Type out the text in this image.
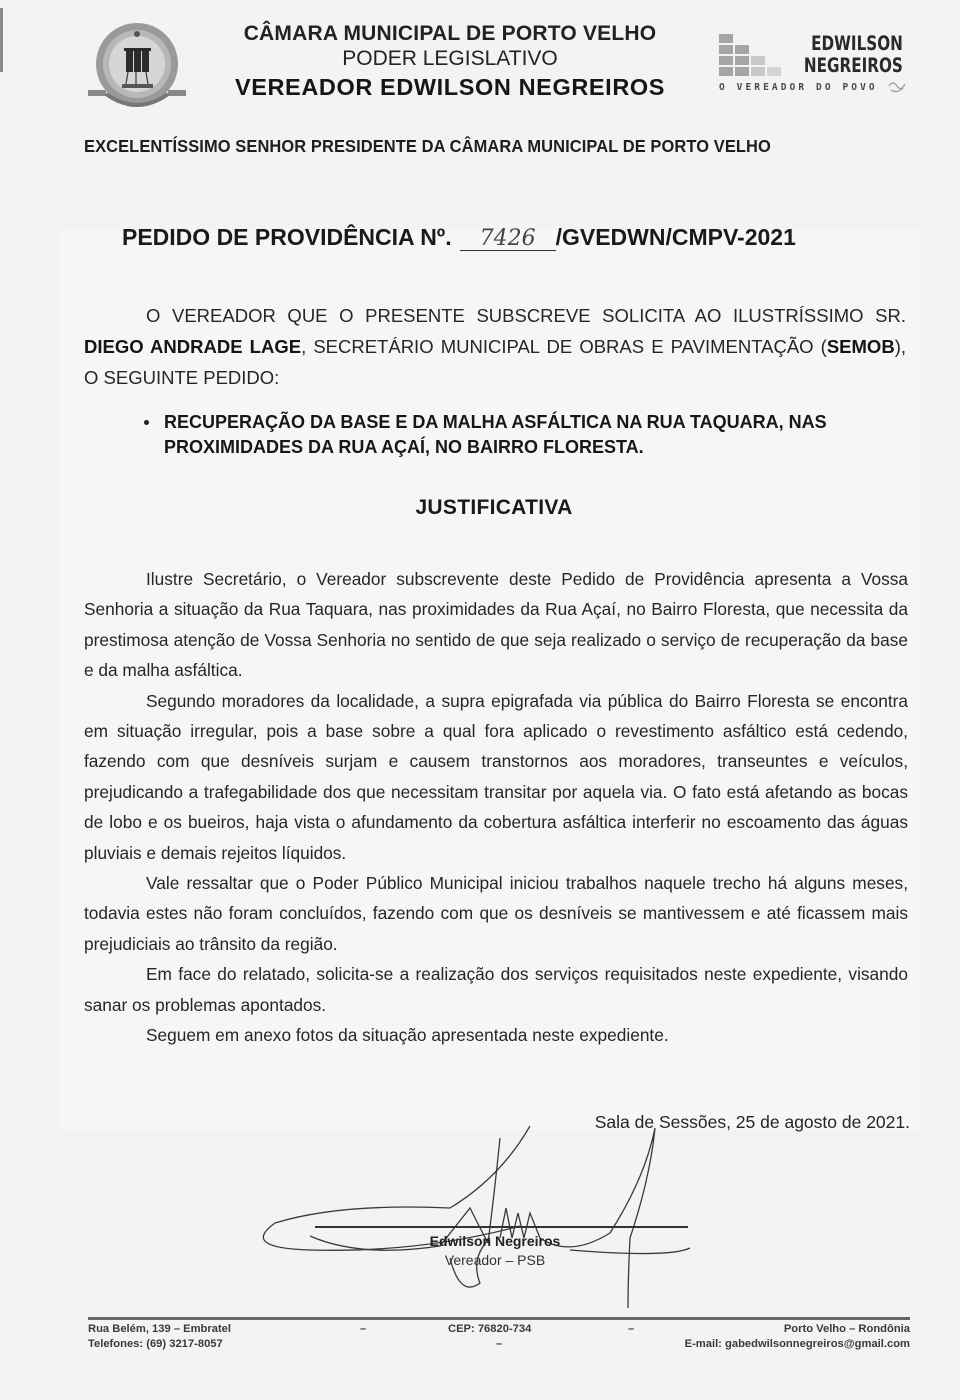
CÂMARA MUNICIPAL DE PORTO VELHO
PODER LEGISLATIVO
VEREADOR EDWILSON NEGREIROS
EDWILSON
NEGREIROS
O VEREADOR DO POVO
EXCELENTÍSSIMO SENHOR PRESIDENTE DA CÂMARA MUNICIPAL DE PORTO VELHO
PEDIDO DE PROVIDÊNCIA Nº. 7426 /GVEDWN/CMPV-2021

O VEREADOR QUE O PRESENTE SUBSCREVE SOLICITA AO ILUSTRÍSSIMO SR. DIEGO ANDRADE LAGE, SECRETÁRIO MUNICIPAL DE OBRAS E PAVIMENTAÇÃO (SEMOB), O SEGUINTE PEDIDO:

RECUPERAÇÃO DA BASE E DA MALHA ASFÁLTICA NA RUA TAQUARA, NAS PROXIMIDADES DA RUA AÇAÍ, NO BAIRRO FLORESTA.
JUSTIFICATIVA

Ilustre Secretário, o Vereador subscrevente deste Pedido de Providência apresenta a Vossa Senhoria a situação da Rua Taquara, nas proximidades da Rua Açaí, no Bairro Floresta, que necessita da prestimosa atenção de Vossa Senhoria no sentido de que seja realizado o serviço de recuperação da base e da malha asfáltica.

Segundo moradores da localidade, a supra epigrafada via pública do Bairro Floresta se encontra em situação irregular, pois a base sobre a qual fora aplicado o revestimento asfáltico está cedendo, fazendo com que desníveis surjam e causem transtornos aos moradores, transeuntes e veículos, prejudicando a trafegabilidade dos que necessitam transitar por aquela via. O fato está afetando as bocas de lobo e os bueiros, haja vista o afundamento da cobertura asfáltica interferir no escoamento das águas pluviais e demais rejeitos líquidos.

Vale ressaltar que o Poder Público Municipal iniciou trabalhos naquele trecho há alguns meses, todavia estes não foram concluídos, fazendo com que os desníveis se mantivessem e até ficassem mais prejudiciais ao trânsito da região.

Em face do relatado, solicita-se a realização dos serviços requisitados neste expediente, visando sanar os problemas apontados.

Seguem em anexo fotos da situação apresentada neste expediente.

Sala de Sessões, 25 de agosto de 2021.
Edwilson Negreiros
Vereador – PSB
Rua Belém, 139 – Embratel	–	CEP: 76820-734	–	Porto Velho – Rondônia
Telefones: (69) 3217-8057	–	E-mail: gabedwilsonnegreiros@gmail.com
